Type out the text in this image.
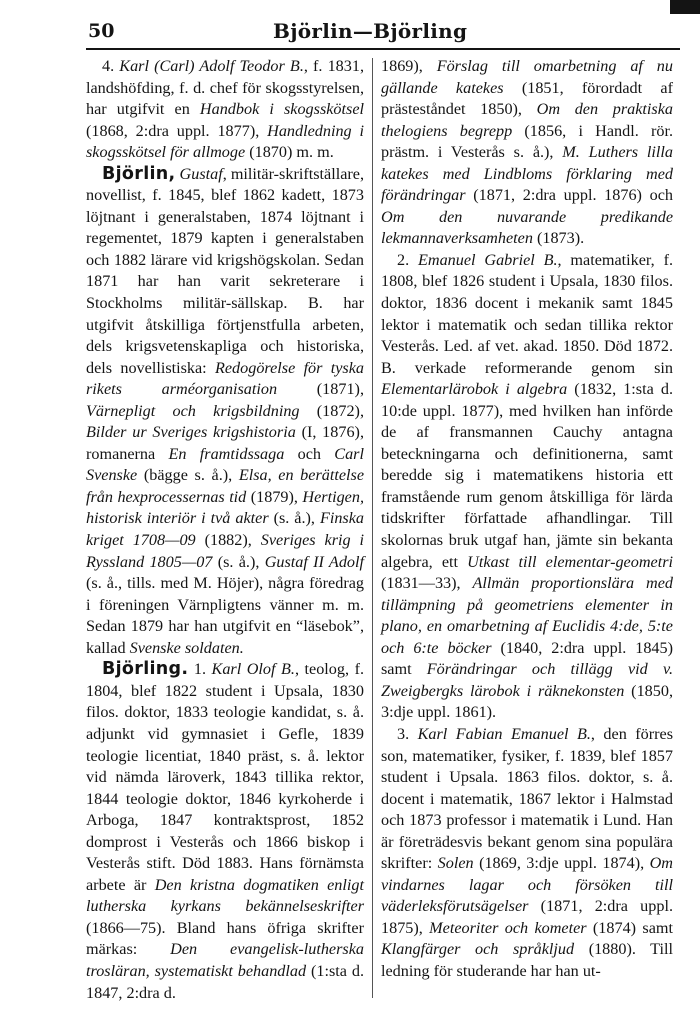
50	Björlin—Björling

4. Karl (Carl) Adolf Teodor B., f. 1831, landshöfding, f. d. chef för skogsstyrelsen, har utgifvit en Handbok i skogsskötsel (1868, 2:dra uppl. 1877), Handledning i skogsskötsel för allmoge (1870) m. m.

Björlin, Gustaf, militär-skriftställare, novellist, f. 1845, blef 1862 kadett, 1873 löjtnant i generalstaben, 1874 löjtnant i regementet, 1879 kapten i generalstaben och 1882 lärare vid krigshögskolan. Sedan 1871 har han varit sekreterare i Stockholms militär-sällskap. B. har utgifvit åtskilliga förtjenstfulla arbeten, dels krigsvetenskapliga och historiska, dels novellistiska: Redogörelse för tyska rikets arméorganisation (1871), Värnepligt och krigsbildning (1872), Bilder ur Sveriges krigshistoria (I, 1876), romanerna En framtidssaga och Carl Svenske (bägge s. å.), Elsa, en berättelse från hexprocessernas tid (1879), Hertigen, historisk interiör i två akter (s. å.), Finska kriget 1708—09 (1882), Sveriges krig i Ryssland 1805—07 (s. å.), Gustaf II Adolf (s. å., tills. med M. Höjer), några föredrag i föreningen Värnpligtens vänner m. m. Sedan 1879 har han utgifvit en “läsebok”, kallad Svenske soldaten.

Björling. 1. Karl Olof B., teolog, f. 1804, blef 1822 student i Upsala, 1830 filos. doktor, 1833 teologie kandidat, s. å. adjunkt vid gymnasiet i Gefle, 1839 teologie licentiat, 1840 präst, s. å. lektor vid nämda läroverk, 1843 tillika rektor, 1844 teologie doktor, 1846 kyrkoherde i Arboga, 1847 kontraktsprost, 1852 domprost i Vesterås och 1866 biskop i Vesterås stift. Död 1883. Hans förnämsta arbete är Den kristna dogmatiken enligt lutherska kyrkans bekännelseskrifter (1866—75). Bland hans öfriga skrifter märkas: Den evangelisk-lutherska trosläran, systematiskt behandlad (1:sta d. 1847, 2:dra d.

1869), Förslag till omarbetning af nu gällande katekes (1851, förordadt af prästeståndet 1850), Om den praktiska thelogiens begrepp (1856, i Handl. rör. prästm. i Vesterås s. å.), M. Luthers lilla katekes med Lindbloms förklaring med förändringar (1871, 2:dra uppl. 1876) och Om den nuvarande predikande lekmannaverksamheten (1873).

2. Emanuel Gabriel B., matematiker, f. 1808, blef 1826 student i Upsala, 1830 filos. doktor, 1836 docent i mekanik samt 1845 lektor i matematik och sedan tillika rektor Vesterås. Led. af vet. akad. 1850. Död 1872. B. verkade reformerande genom sin Elementarlärobok i algebra (1832, 1:sta d. 10:de uppl. 1877), med hvilken han införde de af fransmannen Cauchy antagna beteckningarna och definitionerna, samt beredde sig i matematikens historia ett framstående rum genom åtskilliga för lärda tidskrifter författade afhandlingar. Till skolornas bruk utgaf han, jämte sin bekanta algebra, ett Utkast till elementar-geometri (1831—33), Allmän proportionslära med tillämpning på geometriens elementer in plano, en omarbetning af Euclidis 4:de, 5:te och 6:te böcker (1840, 2:dra uppl. 1845) samt Förändringar och tillägg vid v. Zweigbergks lärobok i räknekonsten (1850, 3:dje uppl. 1861).

3. Karl Fabian Emanuel B., den förres son, matematiker, fysiker, f. 1839, blef 1857 student i Upsala. 1863 filos. doktor, s. å. docent i matematik, 1867 lektor i Halmstad och 1873 professor i matematik i Lund. Han är företrädesvis bekant genom sina populära skrifter: Solen (1869, 3:dje uppl. 1874), Om vindarnes lagar och försöken till väderleksförutsägelser (1871, 2:dra uppl. 1875), Meteoriter och kometer (1874) samt Klangfärger och språkljud (1880). Till ledning för studerande har han ut-
